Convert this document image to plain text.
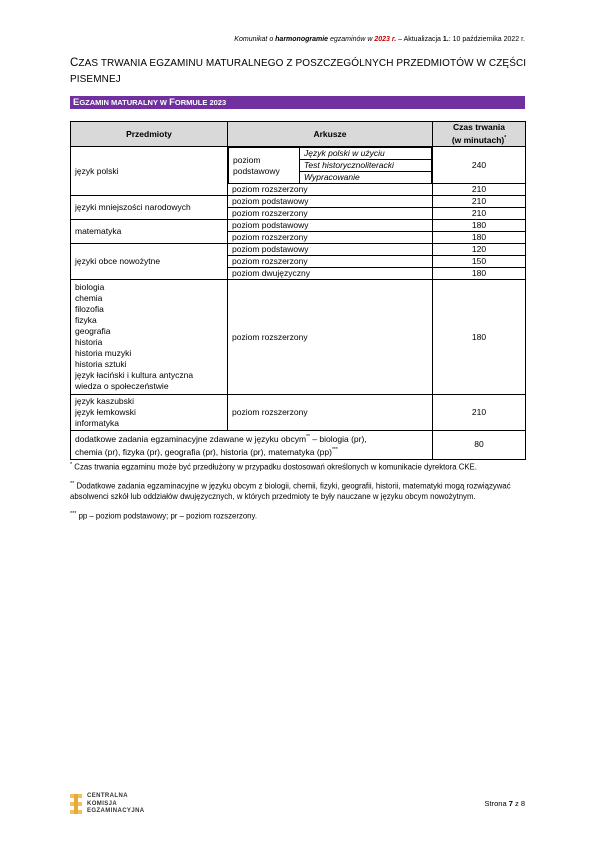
Komunikat o harmonogramie egzaminów w 2023 r. – Aktualizacja 1.: 10 października 2022 r.
CZAS TRWANIA EGZAMINU MATURALNEGO Z POSZCZEGÓLNYCH PRZEDMIOTÓW W CZĘŚCI
PISEMNEJ
EGZAMIN MATURALNY W FORMULE 2023
Przedmioty	Arkusze	Czas trwania
(w minutach)*
język polski	
poziom podstawowy	Język polski w użyciu
Test historycznoliteracki
Wypracowanie
	240
poziom rozszerzony	210
języki mniejszości narodowych	poziom podstawowy	210
poziom rozszerzony	210
matematyka	poziom podstawowy	180
poziom rozszerzony	180
języki obce nowożytne	poziom podstawowy	120
poziom rozszerzony	150
poziom dwujęzyczny	180

biologia
chemia
filozofia
fizyka
geografia
historia
historia muzyki
historia sztuki
język łaciński i kultura antyczna
wiedza o społeczeństwie
	poziom rozszerzony	180

język kaszubski
język łemkowski
informatyka
	poziom rozszerzony	210
dodatkowe zadania egzaminacyjne zdawane w języku obcym** – biologia (pr),
chemia (pr), fizyka (pr), geografia (pr), historia (pr), matematyka (pp)***	80

* Czas trwania egzaminu może być przedłużony w przypadku dostosowań określonych w komunikacie dyrektora CKE.

** Dodatkowe zadania egzaminacyjne w języku obcym z biologii, chemii, fizyki, geografii, historii, matematyki mogą rozwiązywać absolwenci szkół lub oddziałów dwujęzycznych, w których przedmioty te były nauczane w języku obcym nowożytnym.

*** pp – poziom podstawowy; pr – poziom rozszerzony.

CENTRALNA
KOMISJA
EGZAMINACYJNA
Strona 7 z 8
